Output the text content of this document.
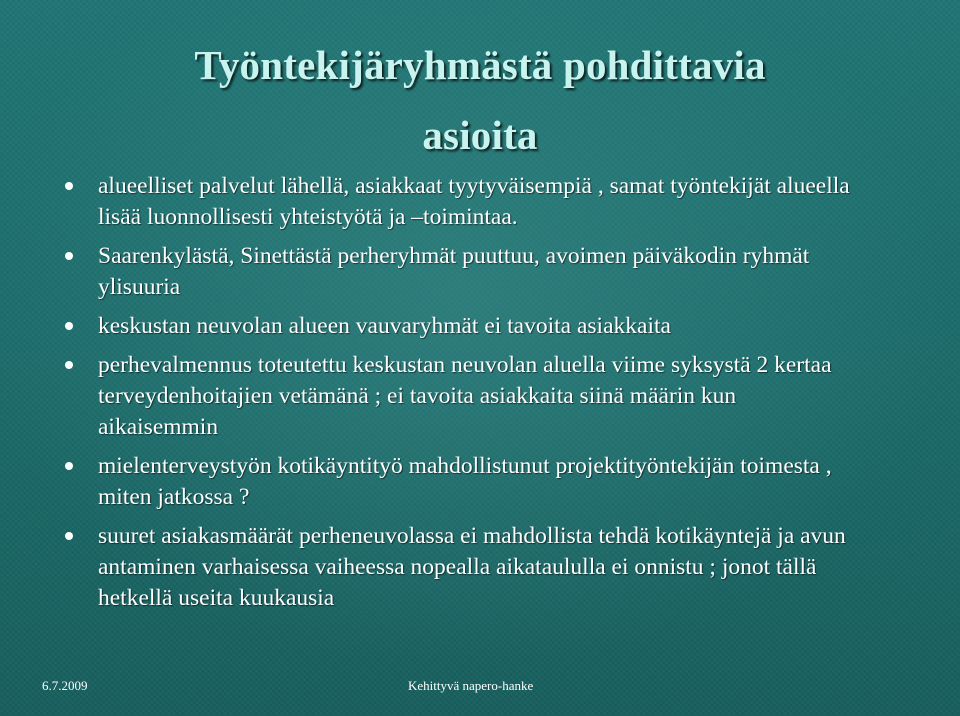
Työntekijäryhmästä pohdittavia
asioita
alueelliset palvelut lähellä, asiakkaat tyytyväisempiä , samat työntekijät alueella lisää luonnollisesti yhteistyötä ja –toimintaa.
Saarenkylästä, Sinettästä perheryhmät puuttuu, avoimen päiväkodin ryhmät ylisuuria
keskustan neuvolan alueen vauvaryhmät ei tavoita asiakkaita
perhevalmennus toteutettu keskustan neuvolan aluella viime syksystä 2 kertaa terveydenhoitajien vetämänä ; ei tavoita asiakkaita siinä määrin kun aikaisemmin
mielenterveystyön kotikäyntityö mahdollistunut projektityöntekijän toimesta , miten jatkossa ?
suuret asiakasmäärät perheneuvolassa ei mahdollista tehdä kotikäyntejä ja avun antaminen varhaisessa vaiheessa nopealla aikataululla ei onnistu ; jonot tällä hetkellä useita kuukausia
6.7.2009	Kehittyvä napero-hanke
